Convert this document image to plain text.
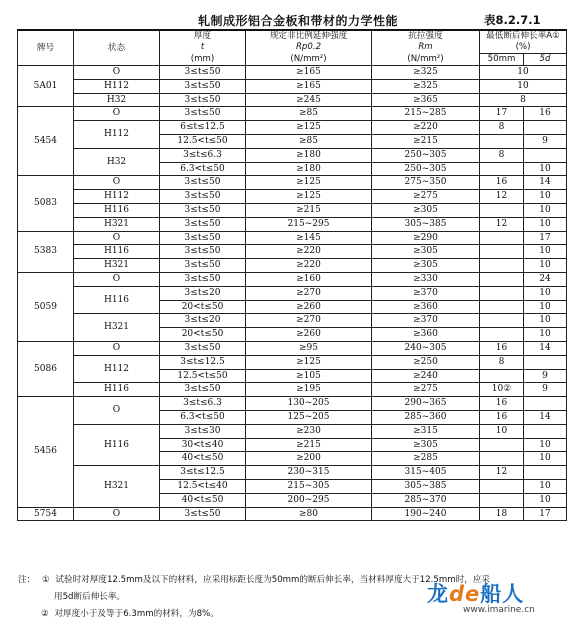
轧制成形铝合金板和带材的力学性能	表8.2.7.1
牌号	状态	厚度	规定非比例延伸强度	抗拉强度	最低断后伸长率A①	
		t	Rp0.2	Rm	(%)	
		(mm)	(N/mm²)	(N/mm²)	50mm	5d
5A01	O	3≤t≤50	≥165	≥325	10	
	H112	3≤t≤50	≥165	≥325	10	
	H32	3≤t≤50	≥245	≥365	8	
5454	O	3≤t≤50	≥85	215~285	17	16
	H112	6≤t≤12.5	≥125	≥220	8	
		12.5<t≤50	≥85	≥215		9
	H32	3≤t≤6.3	≥180	250~305	8	
		6.3<t≤50	≥180	250~305		10
5083	O	3≤t≤50	≥125	275~350	16	14
	H112	3≤t≤50	≥125	≥275	12	10
	H116	3≤t≤50	≥215	≥305		10
	H321	3≤t≤50	215~295	305~385	12	10
5383	O	3≤t≤50	≥145	≥290		17
	H116	3≤t≤50	≥220	≥305		10
	H321	3≤t≤50	≥220	≥305		10
5059	O	3≤t≤50	≥160	≥330		24
	H116	3≤t≤20	≥270	≥370		10
		20<t≤50	≥260	≥360		10
	H321	3≤t≤20	≥270	≥370		10
		20<t≤50	≥260	≥360		10
5086	O	3≤t≤50	≥95	240~305	16	14
	H112	3≤t≤12.5	≥125	≥250	8	
		12.5<t≤50	≥105	≥240		9
	H116	3≤t≤50	≥195	≥275	10②	9
5456	O	3≤t≤6.3	130~205	290~365	16	
		6.3<t≤50	125~205	285~360	16	14
	H116	3≤t≤30	≥230	≥315	10	
		30<t≤40	≥215	≥305		10
		40<t≤50	≥200	≥285		10
	H321	3≤t≤12.5	230~315	315~405	12	
		12.5<t≤40	215~305	305~385		10
		40<t≤50	200~295	285~370		10
5754	O	3≤t≤50	≥80	190~240	18	17
注： ① 试验时对厚度12.5mm及以下的材料，应采用标距长度为50mm的断后伸长率，当材料厚度大于12.5mm时，应采
用5d断后伸长率。
② 对厚度小于及等于6.3mm的材料，为8%。
龙de船人
www.imarine.cn
